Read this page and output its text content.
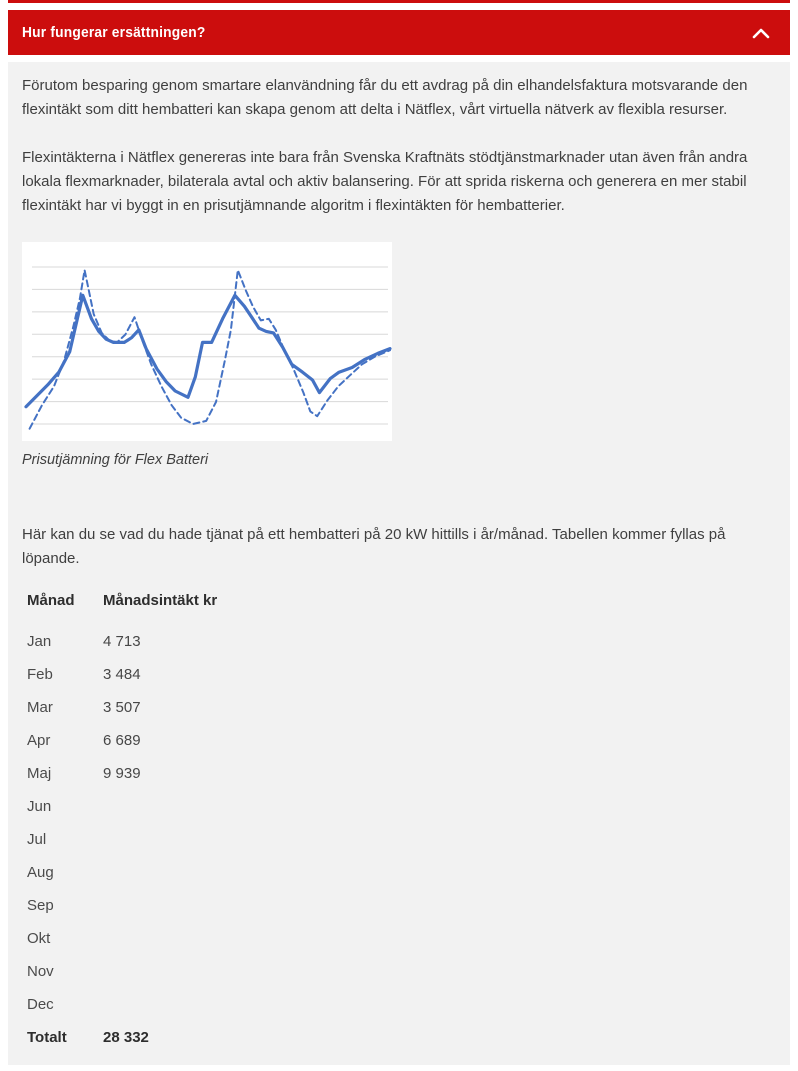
Hur fungerar ersättningen?

Förutom besparing genom smartare elanvändning får du ett avdrag på din elhandelsfaktura motsvarande den flexintäkt som ditt hembatteri kan skapa genom att delta i Nätflex, vårt virtuella nätverk av flexibla resurser.

Flexintäkterna i Nätflex genereras inte bara från Svenska Kraftnäts stödtjänstmarknader utan även från andra lokala flexmarknader, bilaterala avtal och aktiv balansering. För att sprida riskerna och generera en mer stabil flexintäkt har vi byggt in en prisutjämnande algoritm i flexintäkten för hembatterier.

Prisutjämning för Flex Batteri

Här kan du se vad du hade tjänat på ett hembatteri på 20 kW hittills i år/månad. Tabellen kommer fyllas på löpande.

Månad	Månadsintäkt kr
Jan	4 713
Feb	3 484
Mar	3 507
Apr	6 689
Maj	9 939
Jun
Jul
Aug
Sep
Okt
Nov
Dec
Totalt	28 332
